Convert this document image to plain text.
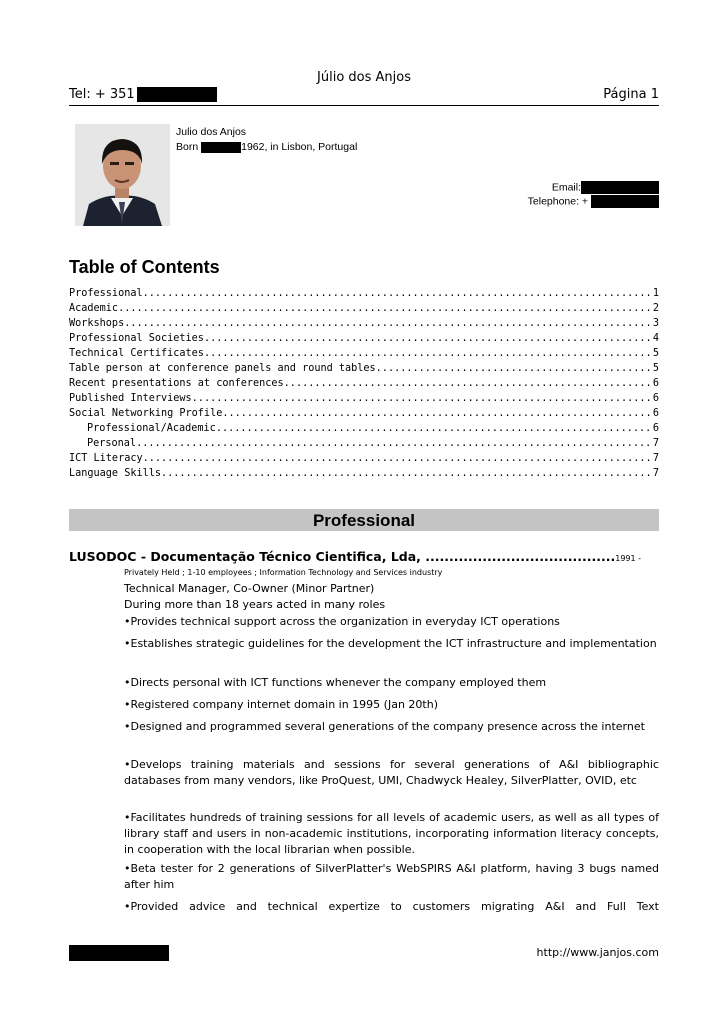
Júlio dos Anjos
Tel: + 351	Página 1
Julio dos Anjos
Born	1962, in Lisbon, Portugal
Email:
Telephone: +
Table of Contents
Professional .....	1
Academic .....	2
Workshops .....	3
Professional Societies .....	4
Technical Certificates .....	5
Table person at conference panels and round tables .....	5
Recent presentations at conferences .....	6
Published Interviews .....	6
Social Networking Profile .....	6
Professional/Academic .....	6
Personal .....	7
ICT Literacy .....	7
Language Skills .....	7
Professional
LUSODOC - Documentação Técnico Cientifica, Lda, ........................................1991 -
Privately Held ; 1-10 employees ; Information Technology and Services industry
Technical Manager, Co-Owner (Minor Partner)
During more than 18 years acted in many roles

•Provides technical support across the organization in everyday ICT operations

•Establishes strategic guidelines for the development the ICT infrastructure and implementation

•Directs personal with ICT functions whenever the company employed them

•Registered company internet domain in 1995 (Jan 20th)

•Designed and programmed several generations of the company presence across the internet

•Develops training materials and sessions for several generations of A&I bibliographic databases from many vendors, like ProQuest, UMI, Chadwyck Healey, SilverPlatter, OVID, etc

•Facilitates hundreds of training sessions for all levels of academic users, as well as all types of library staff and users in non-academic institutions, incorporating information literacy concepts, in cooperation with the local librarian when possible.

•Beta tester for 2 generations of SilverPlatter's WebSPIRS A&I platform, having 3 bugs named after him

•Provided advice and technical expertize to customers migrating A&I and Full Text

http://www.janjos.com
